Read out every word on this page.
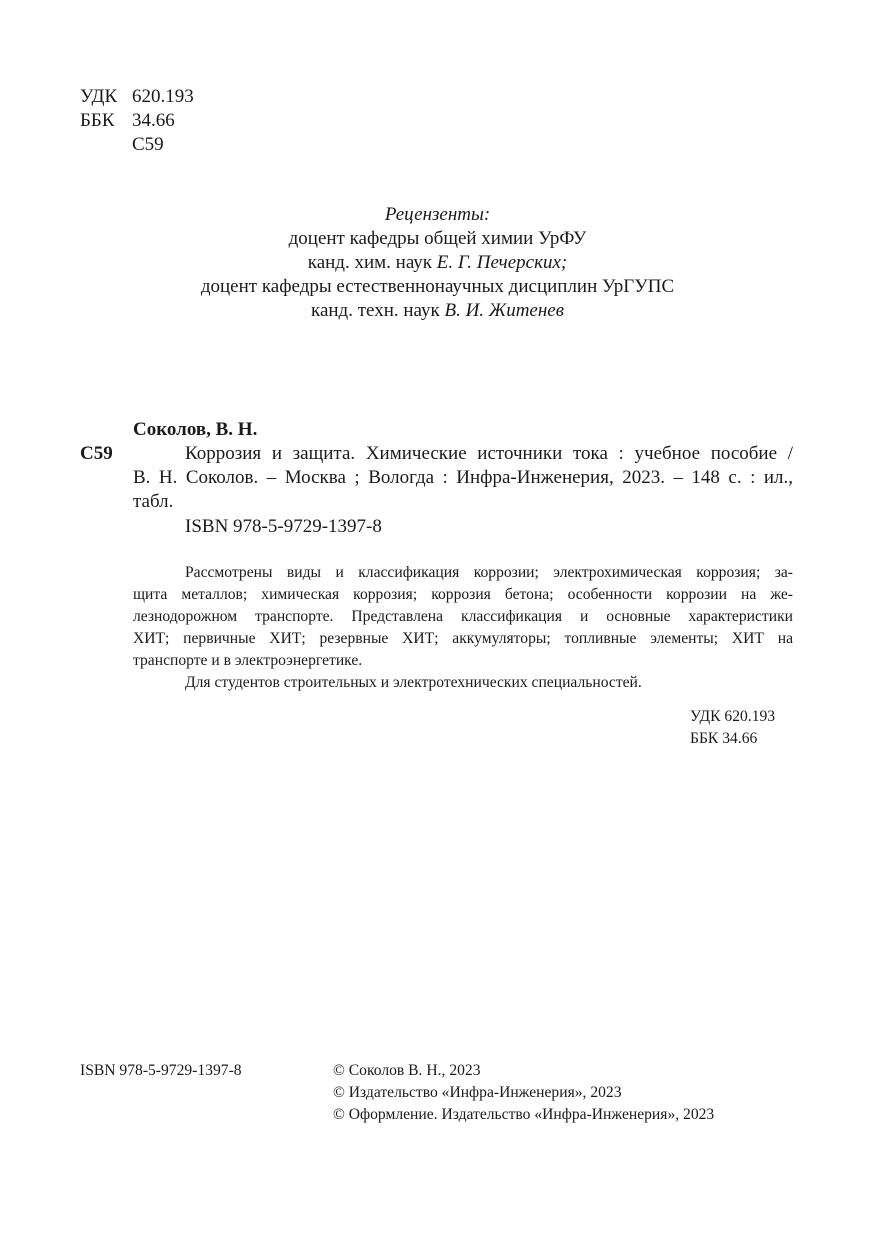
УДК 620.193
ББК 34.66
С59
Рецензенты:
доцент кафедры общей химии УрФУ
канд. хим. наук Е. Г. Печерских;
доцент кафедры естественнонаучных дисциплин УрГУПС
канд. техн. наук В. И. Житенев
Соколов, В. Н.
С59	Коррозия и защита. Химические источники тока : учебное пособие /
В. Н. Соколов. – Москва ; Вологда : Инфра-Инженерия, 2023. – 148 с. : ил.,
табл.
ISBN 978-5-9729-1397-8
Рассмотрены виды и классификация коррозии; электрохимическая коррозия; за-
щита металлов; химическая коррозия; коррозия бетона; особенности коррозии на же-
лезнодорожном транспорте. Представлена классификация и основные характеристики
ХИТ; первичные ХИТ; резервные ХИТ; аккумуляторы; топливные элементы; ХИТ на
транспорте и в электроэнергетике.
Для студентов строительных и электротехнических специальностей.
УДК 620.193
ББК 34.66
ISBN 978-5-9729-1397-8	© Соколов В. Н., 2023
© Издательство «Инфра-Инженерия», 2023
© Оформление. Издательство «Инфра-Инженерия», 2023
